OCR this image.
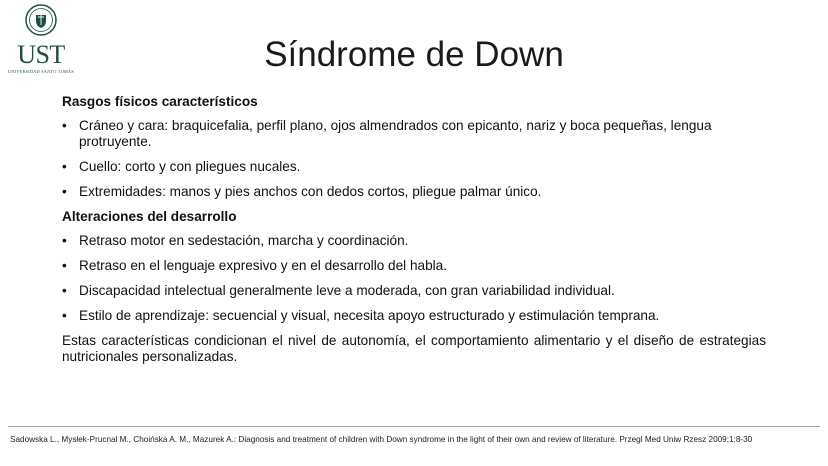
UST
UNIVERSIDAD SANTO TOMÁS	Síndrome de Down
Rasgos físicos característicos
• Cráneo y cara: braquicefalia, perfil plano, ojos almendrados con epicanto, nariz y boca pequeñas, lengua protruyente.
• Cuello: corto y con pliegues nucales.
• Extremidades: manos y pies anchos con dedos cortos, pliegue palmar único.
Alteraciones del desarrollo
• Retraso motor en sedestación, marcha y coordinación.
• Retraso en el lenguaje expresivo y en el desarrollo del habla.
• Discapacidad intelectual generalmente leve a moderada, con gran variabilidad individual.
• Estilo de aprendizaje: secuencial y visual, necesita apoyo estructurado y estimulación temprana.

Estas características condicionan el nivel de autonomía, el comportamiento alimentario y el diseño de estrategias nutricionales personalizadas.

Sadowska L., Mysłek-Prucnal M., Choińska A. M., Mazurek A.: Diagnosis and treatment of children with Down syndrome in the light of their own and review of literature. Przegl Med Uniw Rzesz 2009;1:8-30
